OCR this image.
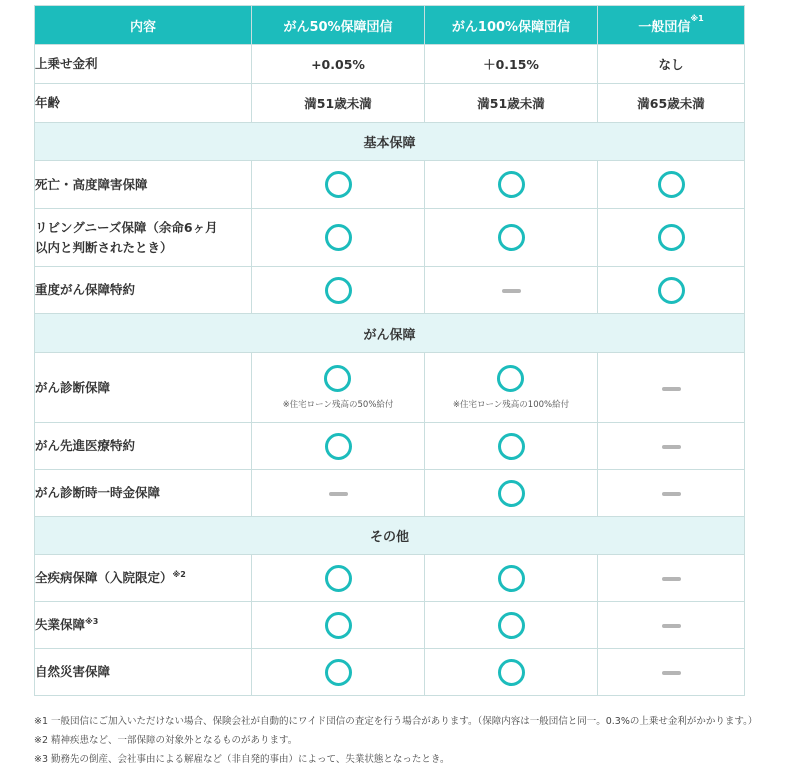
内容	がん50%保障団信	がん100%保障団信	一般団信$^{※1}$
上乗せ金利	+0.05%	＋0.15%	なし
年齢	満51歳未満	満51歳未満	満65歳未満
基本保障			
死亡・高度障害保障			
リビングニーズ保障（余命6ヶ月
以内と判断されたとき）			
重度がん保障特約			
がん保障			
がん診断保障	※住宅ローン残高の50%給付	※住宅ローン残高の100%給付	

がん先進医療特約			
がん診断時一時金保障			
その他			
全疾病保障（入院限定）$^{※2}$			
失業保障$^{※3}$			
自然災害保障			
※1 一般団信にご加入いただけない場合、保険会社が自動的にワイド団信の査定を行う場合があります。（保障内容は一般団信と同一。0.3%の上乗せ金利がかかります。）
※2 精神疾患など、一部保障の対象外となるものがあります。
※3 勤務先の倒産、会社事由による解雇など（非自発的事由）によって、失業状態となったとき。
